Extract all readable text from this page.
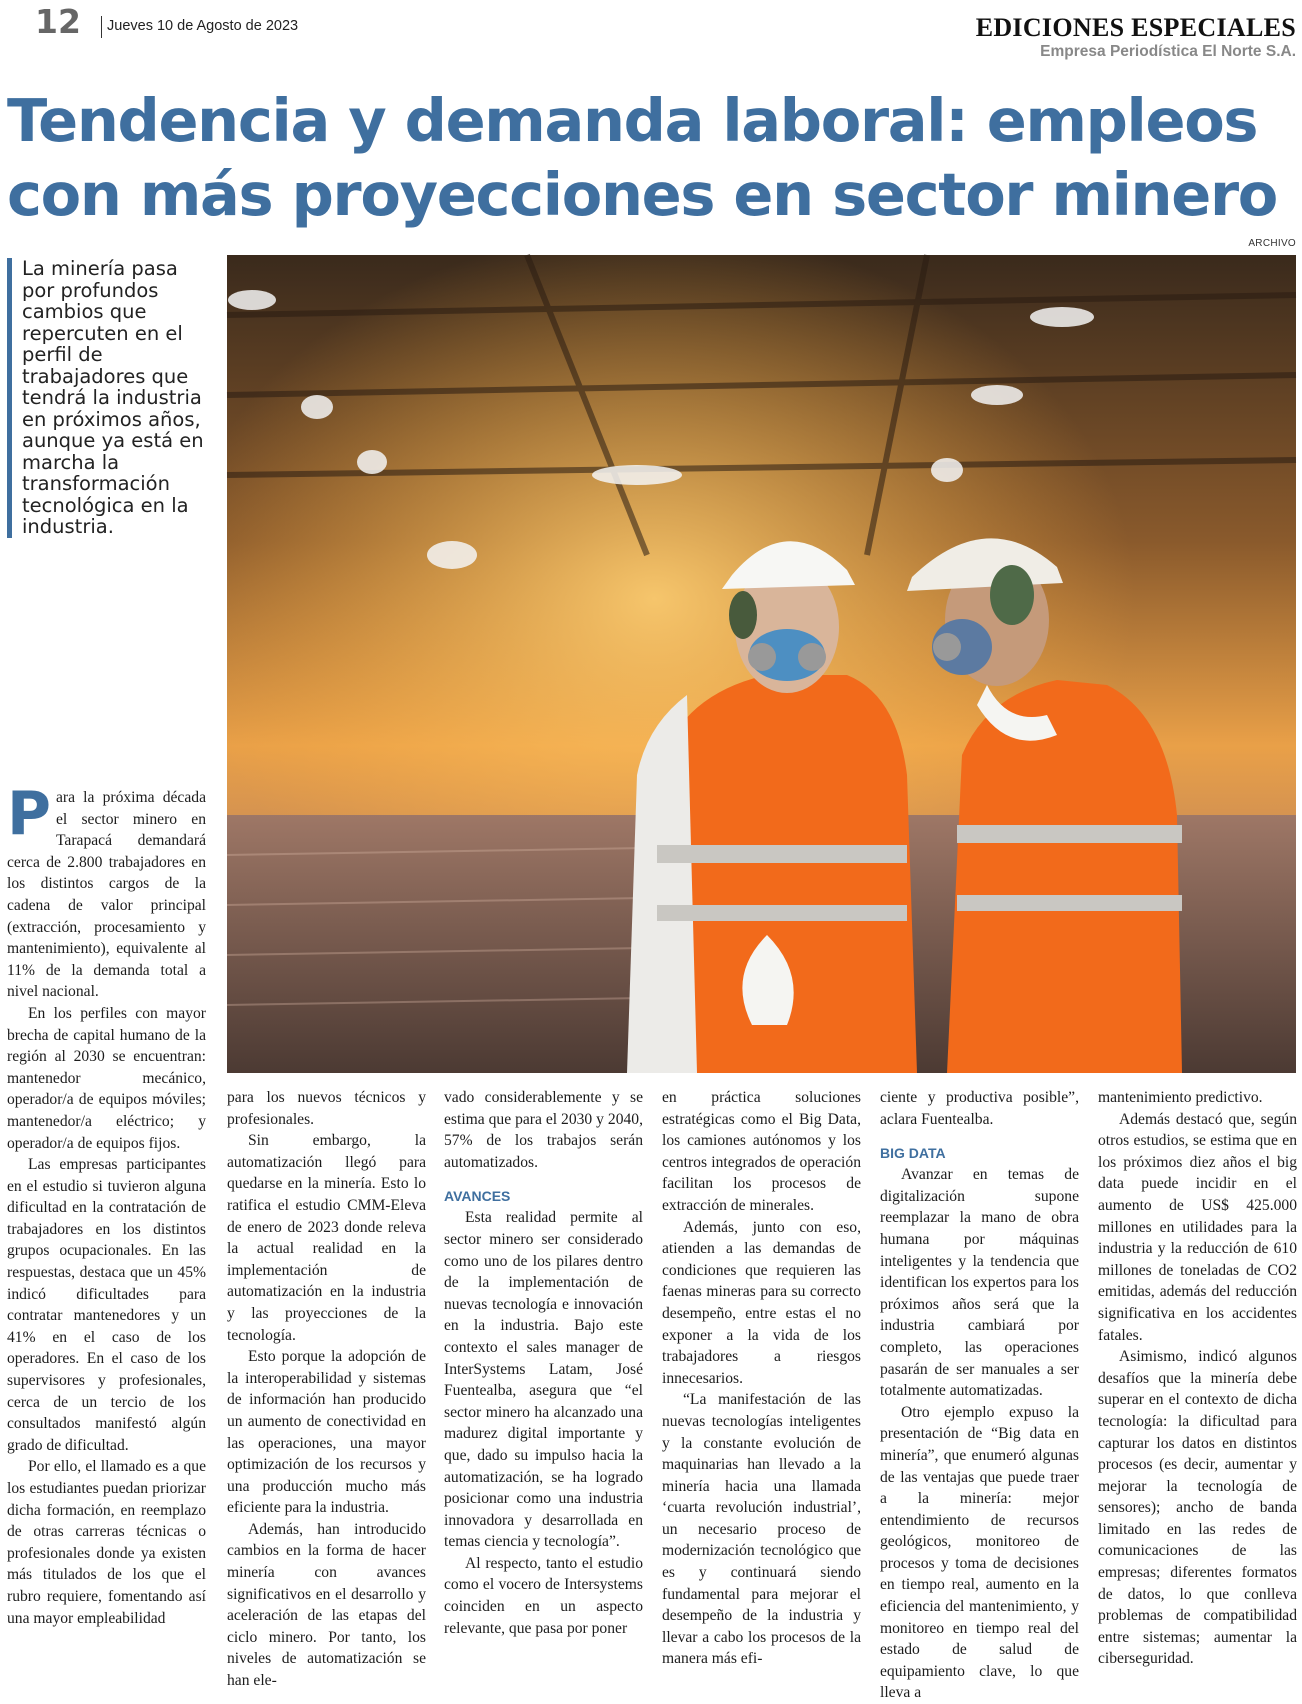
12	Jueves 10 de Agosto de 2023	EDICIONES ESPECIALES
Empresa Periodística El Norte S.A.
Tendencia y demanda laboral: empleos con más proyecciones en sector minero
ARCHIVO
La minería pasa por profundos cambios que repercuten en el perfil de trabajadores que tendrá la industria en próximos años, aunque ya está en marcha la transformación tecnológica en la industria.

Para la próxima década el sector minero en Tarapacá demandará cerca de 2.800 trabajadores en los distintos cargos de la cadena de valor principal (extracción, procesamiento y mantenimiento), equivalente al 11% de la demanda total a nivel nacional.

En los perfiles con mayor brecha de capital humano de la región al 2030 se encuentran: mantenedor mecánico, operador/a de equipos móviles; mantenedor/a eléctrico; y operador/a de equipos fijos.

Las empresas participantes en el estudio si tuvieron alguna dificultad en la contratación de trabajadores en los distintos grupos ocupacionales. En las respuestas, destaca que un 45% indicó dificultades para contratar mantenedores y un 41% en el caso de los operadores. En el caso de los supervisores y profesionales, cerca de un tercio de los consultados manifestó algún grado de dificultad.

Por ello, el llamado es a que los estudiantes puedan priorizar dicha formación, en reemplazo de otras carreras técnicas o profesionales donde ya existen más titulados de los que el rubro requiere, fomentando así una mayor empleabilidad

para los nuevos técnicos y profesionales.

Sin embargo, la automatización llegó para quedarse en la minería. Esto lo ratifica el estudio CMM-Eleva de enero de 2023 donde releva la actual realidad en la implementación de automatización en la industria y las proyecciones de la tecnología.

Esto porque la adopción de la interoperabilidad y sistemas de información han producido un aumento de conectividad en las operaciones, una mayor optimización de los recursos y una producción mucho más eficiente para la industria.

Además, han introducido cambios en la forma de hacer minería con avances significativos en el desarrollo y aceleración de las etapas del ciclo minero. Por tanto, los niveles de automatización se han ele-

vado considerablemente y se estima que para el 2030 y 2040, 57% de los trabajos serán automatizados.

AVANCES

Esta realidad permite al sector minero ser considerado como uno de los pilares dentro de la implementación de nuevas tecnología e innovación en la industria. Bajo este contexto el sales manager de InterSystems Latam, José Fuentealba, asegura que “el sector minero ha alcanzado una madurez digital importante y que, dado su impulso hacia la automatización, se ha logrado posicionar como una industria innovadora y desarrollada en temas ciencia y tecnología”.

Al respecto, tanto el estudio como el vocero de Intersystems coinciden en un aspecto relevante, que pasa por poner

en práctica soluciones estratégicas como el Big Data, los camiones autónomos y los centros integrados de operación facilitan los procesos de extracción de minerales.

Además, junto con eso, atienden a las demandas de condiciones que requieren las faenas mineras para su correcto desempeño, entre estas el no exponer a la vida de los trabajadores a riesgos innecesarios.

“La manifestación de las nuevas tecnologías inteligentes y la constante evolución de maquinarias han llevado a la minería hacia una llamada ‘cuarta revolución industrial’, un necesario proceso de modernización tecnológico que es y continuará siendo fundamental para mejorar el desempeño de la industria y llevar a cabo los procesos de la manera más efi-

ciente y productiva posible”, aclara Fuentealba.

BIG DATA

Avanzar en temas de digitalización supone reemplazar la mano de obra humana por máquinas inteligentes y la tendencia que identifican los expertos para los próximos años será que la industria cambiará por completo, las operaciones pasarán de ser manuales a ser totalmente automatizadas.

Otro ejemplo expuso la presentación de “Big data en minería”, que enumeró algunas de las ventajas que puede traer a la minería: mejor entendimiento de recursos geológicos, monitoreo de procesos y toma de decisiones en tiempo real, aumento en la eficiencia del mantenimiento, y monitoreo en tiempo real del estado de salud de equipamiento clave, lo que lleva a

mantenimiento predictivo.

Además destacó que, según otros estudios, se estima que en los próximos diez años el big data puede incidir en el aumento de US$ 425.000 millones en utilidades para la industria y la reducción de 610 millones de toneladas de CO2 emitidas, además del reducción significativa en los accidentes fatales.

Asimismo, indicó algunos desafíos que la minería debe superar en el contexto de dicha tecnología: la dificultad para capturar los datos en distintos procesos (es decir, aumentar y mejorar la tecnología de sensores); ancho de banda limitado en las redes de comunicaciones de las empresas; diferentes formatos de datos, lo que conlleva problemas de compatibilidad entre sistemas; aumentar la ciberseguridad.
